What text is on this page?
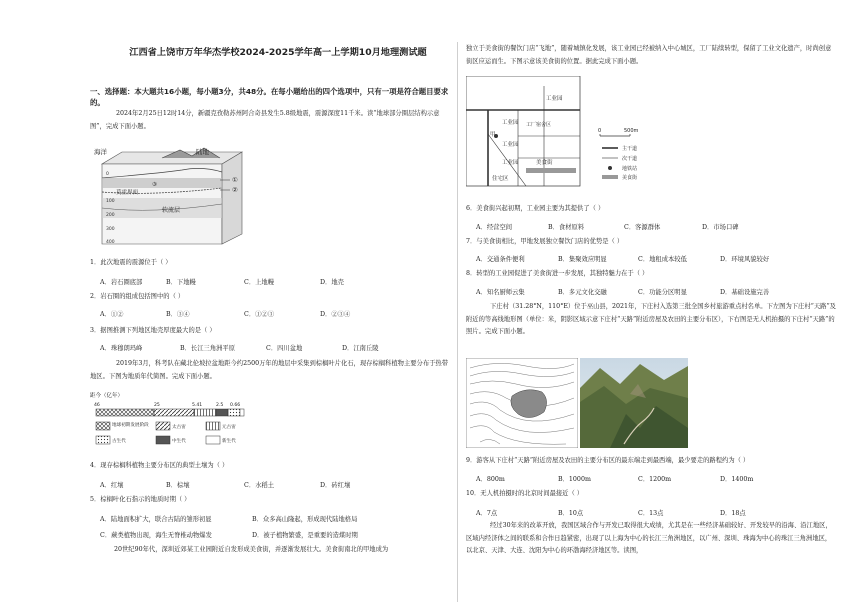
江西省上饶市万年华杰学校2024-2025学年高一上学期10月地理测试题
一、选择题：本大题共16小题，每小题3分，共48分。在每小题给出的四个选项中，只有一项是符合题目要求的。
2024年2月25日12时14分，新疆克孜勒苏州阿合奇县发生5.8级地震，震源深度11千米。读“地球部分圈层结构示意图”，完成下面小题。
海洋	陆地
①
②
③
莫霍界面
软流层
0
100
200
300
400
1．此次地震的震源位于（ ）
A．岩石圈底部	B．下地幔	C．上地幔	D．地壳
2．岩石圈的组成包括图中的（ ）
A．①②	B．③④	C．①②③	D．②③④
3．据图推测下列地区地壳厚度最大的是（ ）
A．珠穆朗玛峰	B．长江三角洲平原	C．四川盆地	D．江南丘陵
2019年3月，科考队在藏北伦坡拉盆地距今约2500万年的地层中采集到棕榈叶片化石，现存棕榈科植物主要分布于热带地区。下图为地质年代简图。完成下面小题。
距今（亿年）
46	25	5.41	2.5 0.66
地球初期发展阶段	太古宙	元古宙
古生代	中生代	新生代
4．现存棕榈科植物主要分布区的典型土壤为（ ）
A．红壤	B．棕壤	C．水稻土	D．砖红壤
5．棕榈叶化石指示的地质时期（ ）
A．陆地面积扩大，联合古陆的雏形初显	B．众多高山隆起，形成现代陆地格局
C．蕨类植物出现，海生无脊椎动物爆发	D．被子植物繁盛，是重要的造煤时期
20世纪90年代，深圳近郊某工业园附近自发形成美食街，并逐渐发展壮大。美食街南北的甲地成为
独立于美食街的餐饮门店“飞地”，随着城镇化发展，该工业园已经被纳入中心城区，工厂陆续转型，保留了工业文化遗产，时尚创意街区应运而生。下图示意该美食街的位置。据此完成下面小题。
工业园
工业园 工厂宿舍区
工业园
美食街
工业园
住宅区
甲
0	500m
主干道
次干道
地铁站
美食街
6．美食街兴起初期，工业园主要为其提供了（ ）
A．经营空间	B．食材原料	C．客源群体	D．市场口碑
7．与美食街相比，甲地发展独立餐饮门店的优势是（ ）
A．交通条件便利	B．集聚效应明显	C．地租成本较低	D．环境风貌较好
8．转型的工业园促进了美食街进一步发展，其独特魅力在于（ ）
A．知名厨师云集	B．多元文化交融	C．功能分区明显	D．基础设施完善
下庄村（31.28°N，110°E）位于巫山县，2021年，下庄村入选第三批全国乡村旅游重点村名单。下左图为下庄村“天路”及附近的等高线地形图（单位：米，阴影区域示意下庄村“天路”附近房屋及农田的主要分布区），下右图是无人机拍摄的下庄村“天路”的照片。完成下面小题。
9．游客从下庄村“天路”附近房屋及农田的主要分布区的最东端走到最西端，最少要走的路程约为（ ）
A．800m	B．1000m	C．1200m	D．1400m
10．无人机拍摄时的北京时间最接近（ ）
A．7点	B．10点	C．13点	D．18点
经过30年来的改革开放，我国区域合作与开发已取得很大成绩，尤其是在一些经济基础较好、开发较早的沿海、沿江地区，区域内经济体之间的联系和合作日趋紧密，出现了以上海为中心的长江三角洲地区，以广州、深圳、珠海为中心的珠江三角洲地区，以北京、天津、大连、沈阳为中心的环渤海经济地区等。读图，
